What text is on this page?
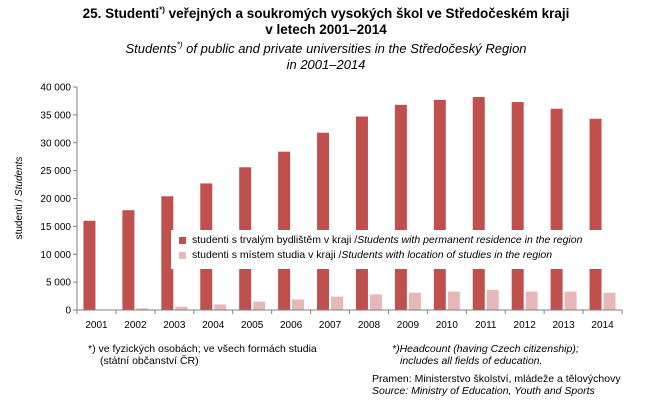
25. Studenti*) veřejných a soukromých vysokých škol ve Středočeském kraji
v letech 2001–2014
Students*) of public and private universities in the Středočeský Region
in 2001–2014
2001 2002 2003 2004 2005 2006 2007 2008 2009 2010 2011 2012 2013 2014
0
5 000
10 000
15 000
20 000
25 000
30 000
35 000
40 000
studenti / Students
studenti s trvalým bydlištěm v kraji / Students with permanent residence in the region
studenti s místem studia v kraji / Students with location of studies in the region
*) ve fyzických osobách; ve všech formách studia
(státní občanství ČR)
*)Headcount (having Czech citizenship);
includes all fields of education.
Pramen: Ministerstvo školství, mládeže a tělovýchovy
Source: Ministry of Education, Youth and Sports
